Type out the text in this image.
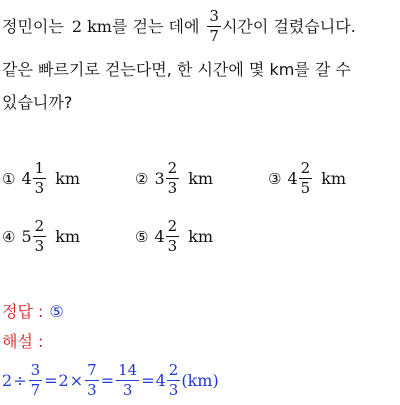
정민이는 2 km 를 걷는 데에 $\frac{3}{7}$ 시간이 걸렸습니다.
같은 빠르기로 걷는다면, 한 시간에 몇 km를 갈 수
있습니까?
① $4 \frac{1}{3}$ km	② $3 \frac{2}{3}$ km	③ $4 \frac{2}{5}$ km
④ $5 \frac{2}{3}$ km	⑤ $4 \frac{2}{3}$ km
정답 : ⑤
해설 :
$2 \div \frac{3}{7} = 2 \times \frac{7}{3} = \frac{14}{3} = 4 \frac{2}{3} (km)$
